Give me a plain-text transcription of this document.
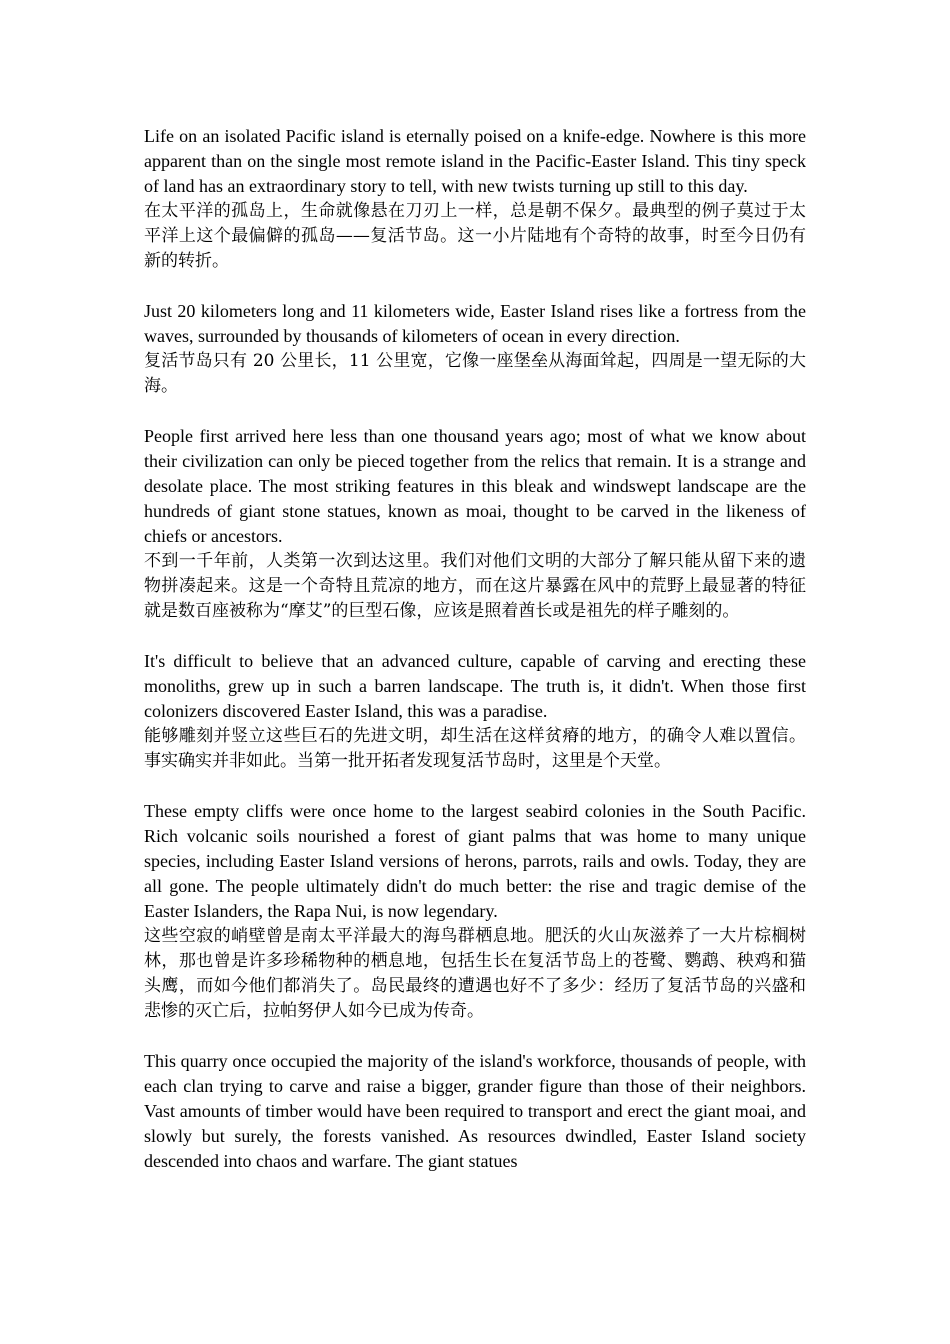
Life on an isolated Pacific island is eternally poised on a knife-edge. Nowhere is this more apparent than on the single most remote island in the Pacific-Easter Island. This tiny speck of land has an extraordinary story to tell, with new twists turning up still to this day.

在太平洋的孤岛上，生命就像悬在刀刃上一样，总是朝不保夕。最典型的例子莫过于太平洋上这个最偏僻的孤岛——复活节岛。这一小片陆地有个奇特的故事，时至今日仍有新的转折。

Just 20 kilometers long and 11 kilometers wide, Easter Island rises like a fortress from the waves, surrounded by thousands of kilometers of ocean in every direction.

复活节岛只有 20 公里长，11 公里宽，它像一座堡垒从海面耸起，四周是一望无际的大海。

People first arrived here less than one thousand years ago; most of what we know about their civilization can only be pieced together from the relics that remain. It is a strange and desolate place. The most striking features in this bleak and windswept landscape are the hundreds of giant stone statues, known as moai, thought to be carved in the likeness of chiefs or ancestors.

不到一千年前，人类第一次到达这里。我们对他们文明的大部分了解只能从留下来的遗物拼凑起来。这是一个奇特且荒凉的地方，而在这片暴露在风中的荒野上最显著的特征就是数百座被称为“摩艾”的巨型石像，应该是照着酋长或是祖先的样子雕刻的。

It's difficult to believe that an advanced culture, capable of carving and erecting these monoliths, grew up in such a barren landscape. The truth is, it didn't. When those first colonizers discovered Easter Island, this was a paradise.

能够雕刻并竖立这些巨石的先进文明，却生活在这样贫瘠的地方，的确令人难以置信。事实确实并非如此。当第一批开拓者发现复活节岛时，这里是个天堂。

These empty cliffs were once home to the largest seabird colonies in the South Pacific. Rich volcanic soils nourished a forest of giant palms that was home to many unique species, including Easter Island versions of herons, parrots, rails and owls. Today, they are all gone. The people ultimately didn't do much better: the rise and tragic demise of the Easter Islanders, the Rapa Nui, is now legendary.

这些空寂的峭壁曾是南太平洋最大的海鸟群栖息地。肥沃的火山灰滋养了一大片棕榈树林，那也曾是许多珍稀物种的栖息地，包括生长在复活节岛上的苍鹭、鹦鹉、秧鸡和猫头鹰，而如今他们都消失了。岛民最终的遭遇也好不了多少：经历了复活节岛的兴盛和悲惨的灭亡后，拉帕努伊人如今已成为传奇。

This quarry once occupied the majority of the island's workforce, thousands of people, with each clan trying to carve and raise a bigger, grander figure than those of their neighbors. Vast amounts of timber would have been required to transport and erect the giant moai, and slowly but surely, the forests vanished. As resources dwindled, Easter Island society descended into chaos and warfare. The giant statues
